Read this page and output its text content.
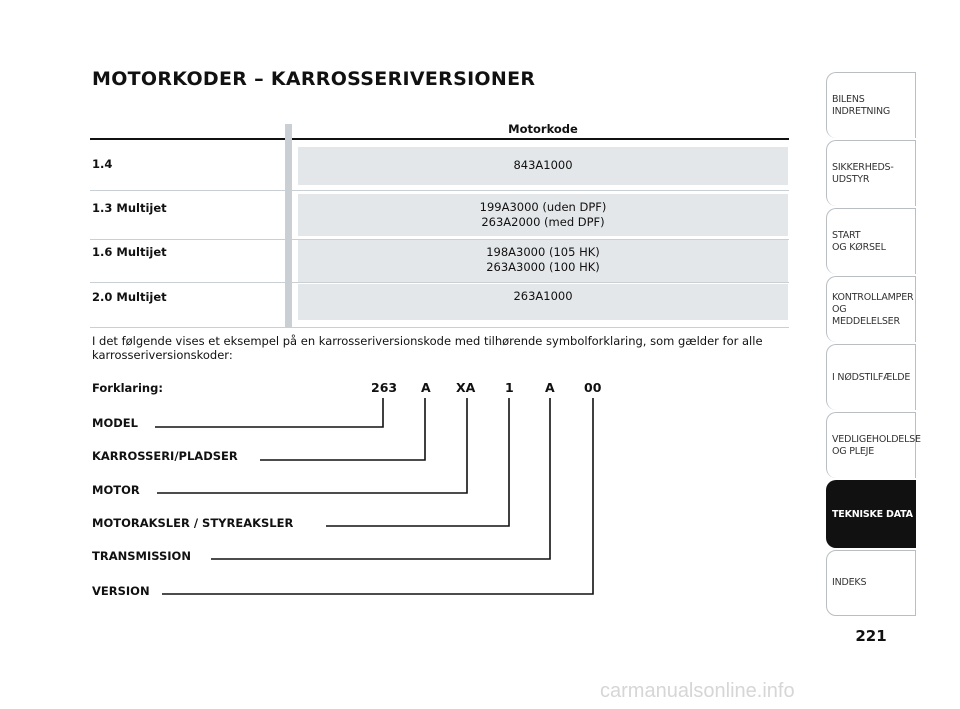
MOTORKODER – KARROSSERIVERSIONER
Motorkode
1.4	843A1000
1.3 Multijet	199A3000 (uden DPF)
263A2000 (med DPF)
1.6 Multijet	198A3000 (105 HK)
263A3000 (100 HK)
2.0 Multijet	263A1000
I det følgende vises et eksempel på en karrosseriversionskode med tilhørende symbolforklaring, som gælder for alle karrosseriversionskoder:
Forklaring:	263 A XA 1	A 00
MODEL
KARROSSERI/PLADSER
MOTOR
MOTORAKSLER / STYREAKSLER
TRANSMISSION
VERSION
BILENS
INDRETNING
SIKKERHEDS-
UDSTYR
START
OG KØRSEL
KONTROLLAMPER
OG MEDDELELSER
I NØDSTILFÆLDE
VEDLIGEHOLDELSE
OG PLEJE
TEKNISKE DATA
INDEKS
221
carmanualsonline.info
